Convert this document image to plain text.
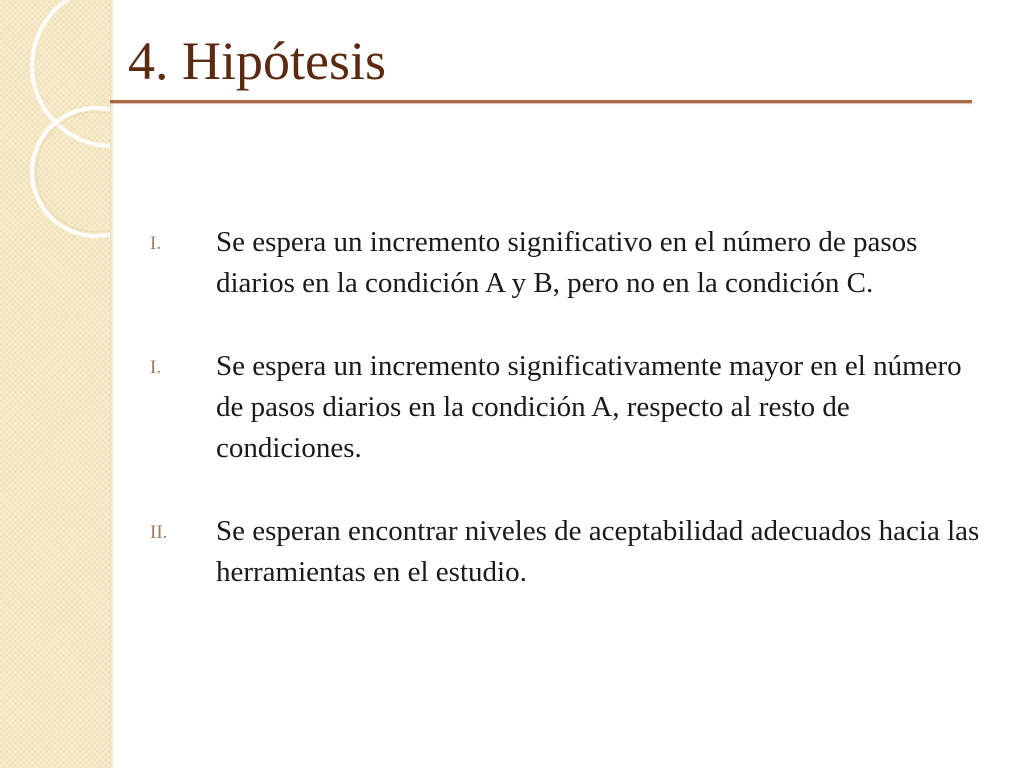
4. Hipótesis
I.	Se espera un incremento significativo en el número de pasos diarios en la condición A y B, pero no en la condición C.
I.	Se espera un incremento significativamente mayor en el número de pasos diarios en la condición A, respecto al resto de condiciones.
II.	Se esperan encontrar niveles de aceptabilidad adecuados hacia las herramientas en el estudio.
